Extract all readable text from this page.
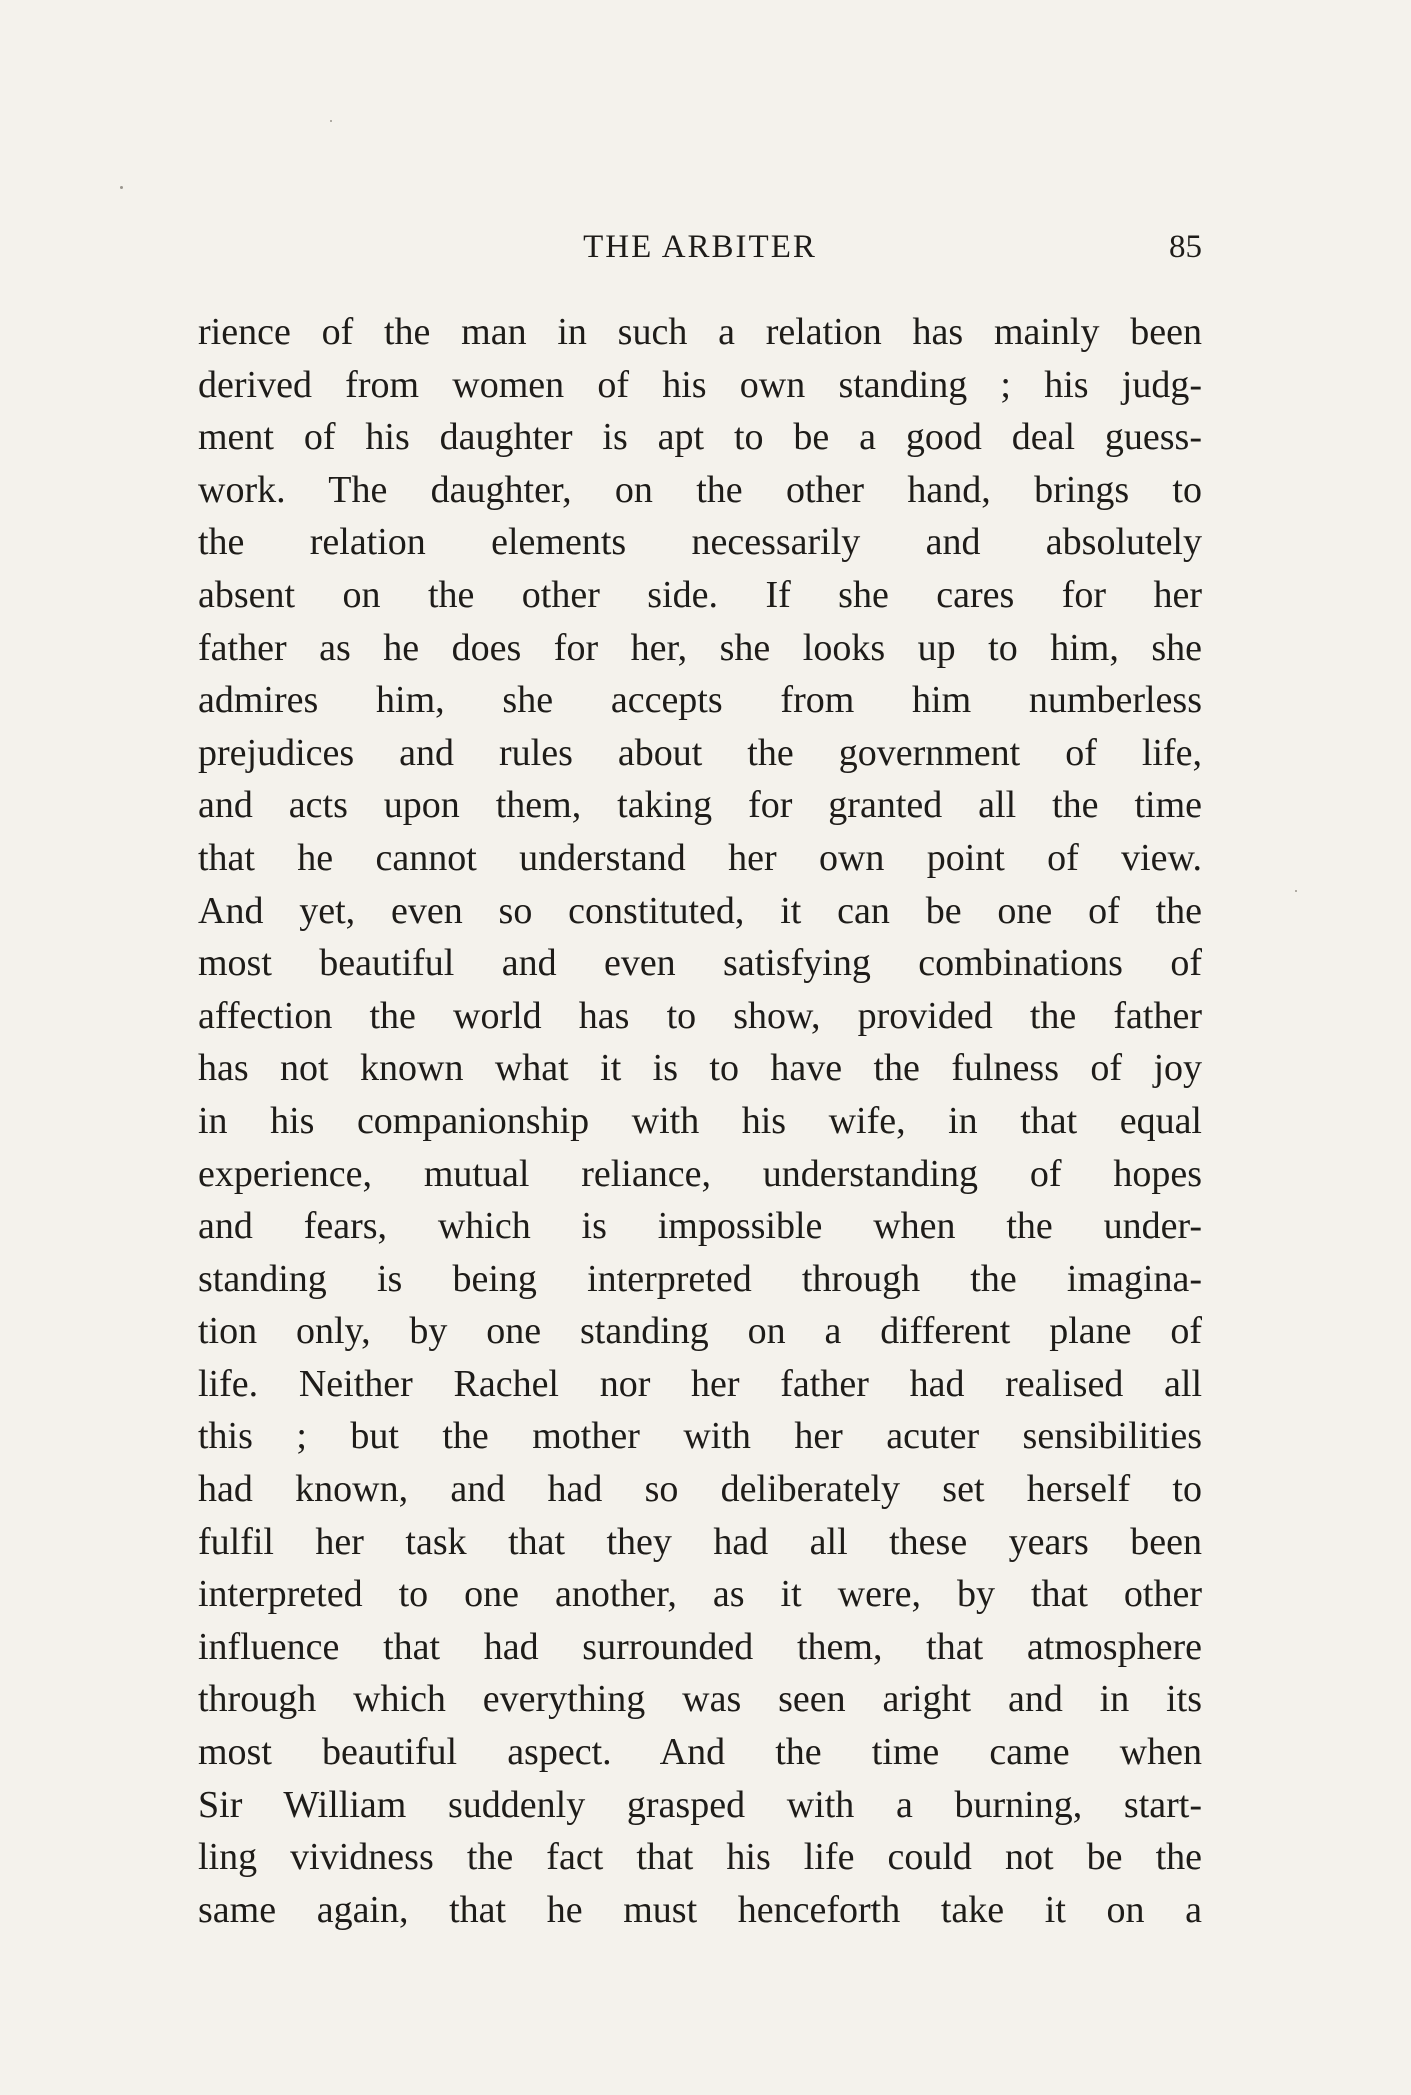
THE ARBITER	85
rience of the man in such a relation has mainly been
derived from women of his own standing ; his judg-
ment of his daughter is apt to be a good deal guess-
work. The daughter, on the other hand, brings to
the relation elements necessarily and absolutely
absent on the other side. If she cares for her
father as he does for her, she looks up to him, she
admires him, she accepts from him numberless
prejudices and rules about the government of life,
and acts upon them, taking for granted all the time
that he cannot understand her own point of view.
And yet, even so constituted, it can be one of the
most beautiful and even satisfying combinations of
affection the world has to show, provided the father
has not known what it is to have the fulness of joy
in his companionship with his wife, in that equal
experience, mutual reliance, understanding of hopes
and fears, which is impossible when the under-
standing is being interpreted through the imagina-
tion only, by one standing on a different plane of
life. Neither Rachel nor her father had realised all
this ; but the mother with her acuter sensibilities
had known, and had so deliberately set herself to
fulfil her task that they had all these years been
interpreted to one another, as it were, by that other
influence that had surrounded them, that atmosphere
through which everything was seen aright and in its
most beautiful aspect. And the time came when
Sir William suddenly grasped with a burning, start-
ling vividness the fact that his life could not be the
same again, that he must henceforth take it on a
